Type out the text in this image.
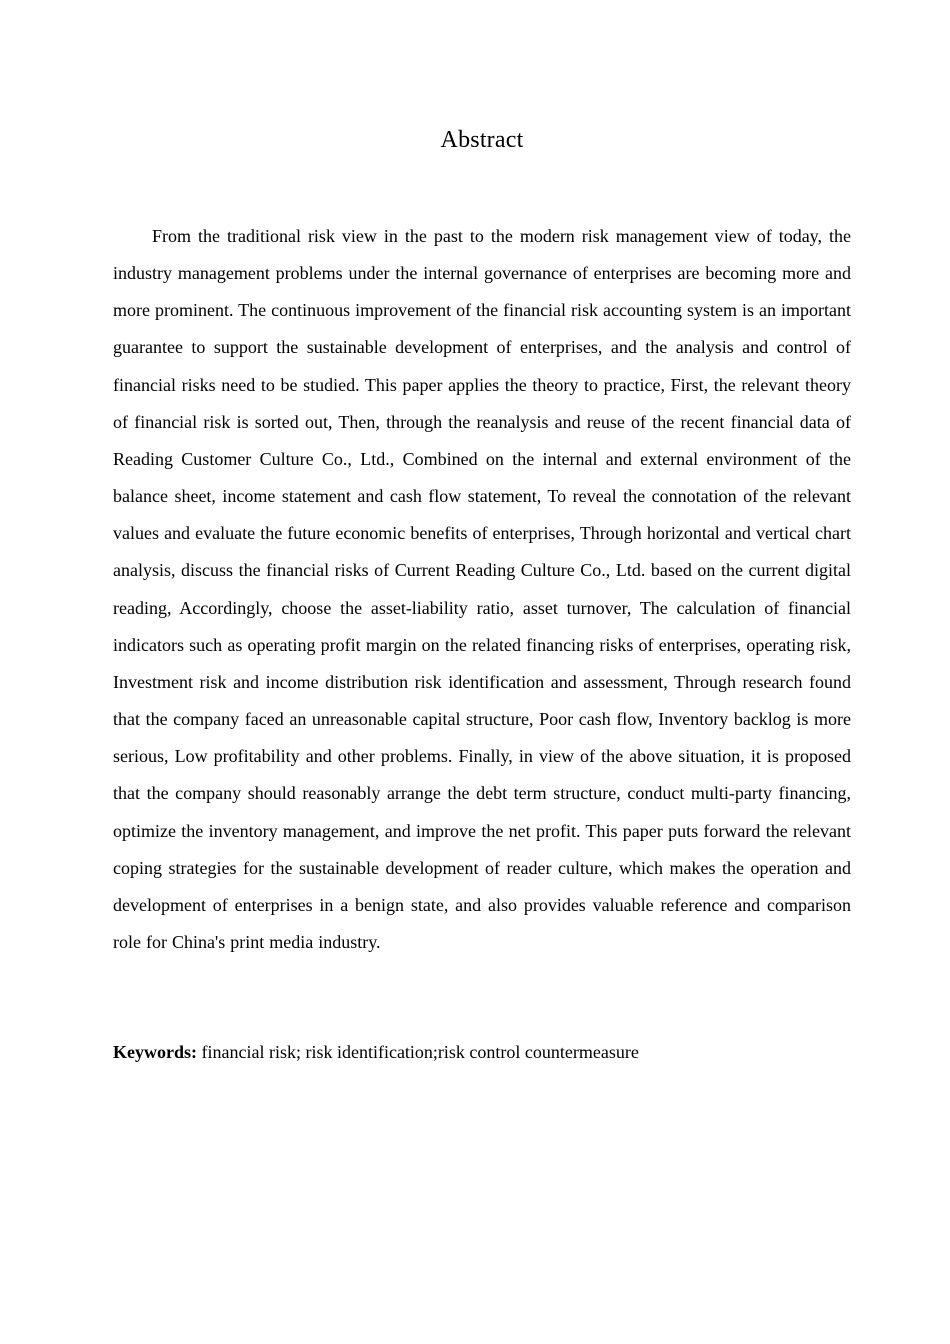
Abstract

From the traditional risk view in the past to the modern risk management view of today, the industry management problems under the internal governance of enterprises are becoming more and more prominent. The continuous improvement of the financial risk accounting system is an important guarantee to support the sustainable development of enterprises, and the analysis and control of financial risks need to be studied. This paper applies the theory to practice, First, the relevant theory of financial risk is sorted out, Then, through the reanalysis and reuse of the recent financial data of Reading Customer Culture Co., Ltd., Combined on the internal and external environment of the balance sheet, income statement and cash flow statement, To reveal the connotation of the relevant values and evaluate the future economic benefits of enterprises, Through horizontal and vertical chart analysis, discuss the financial risks of Current Reading Culture Co., Ltd. based on the current digital reading, Accordingly, choose the asset-liability ratio, asset turnover, The calculation of financial indicators such as operating profit margin on the related financing risks of enterprises, operating risk, Investment risk and income distribution risk identification and assessment, Through research found that the company faced an unreasonable capital structure, Poor cash flow, Inventory backlog is more serious, Low profitability and other problems. Finally, in view of the above situation, it is proposed that the company should reasonably arrange the debt term structure, conduct multi-party financing, optimize the inventory management, and improve the net profit. This paper puts forward the relevant coping strategies for the sustainable development of reader culture, which makes the operation and development of enterprises in a benign state, and also provides valuable reference and comparison role for China's print media industry.

Keywords: financial risk; risk identification;risk control countermeasure
